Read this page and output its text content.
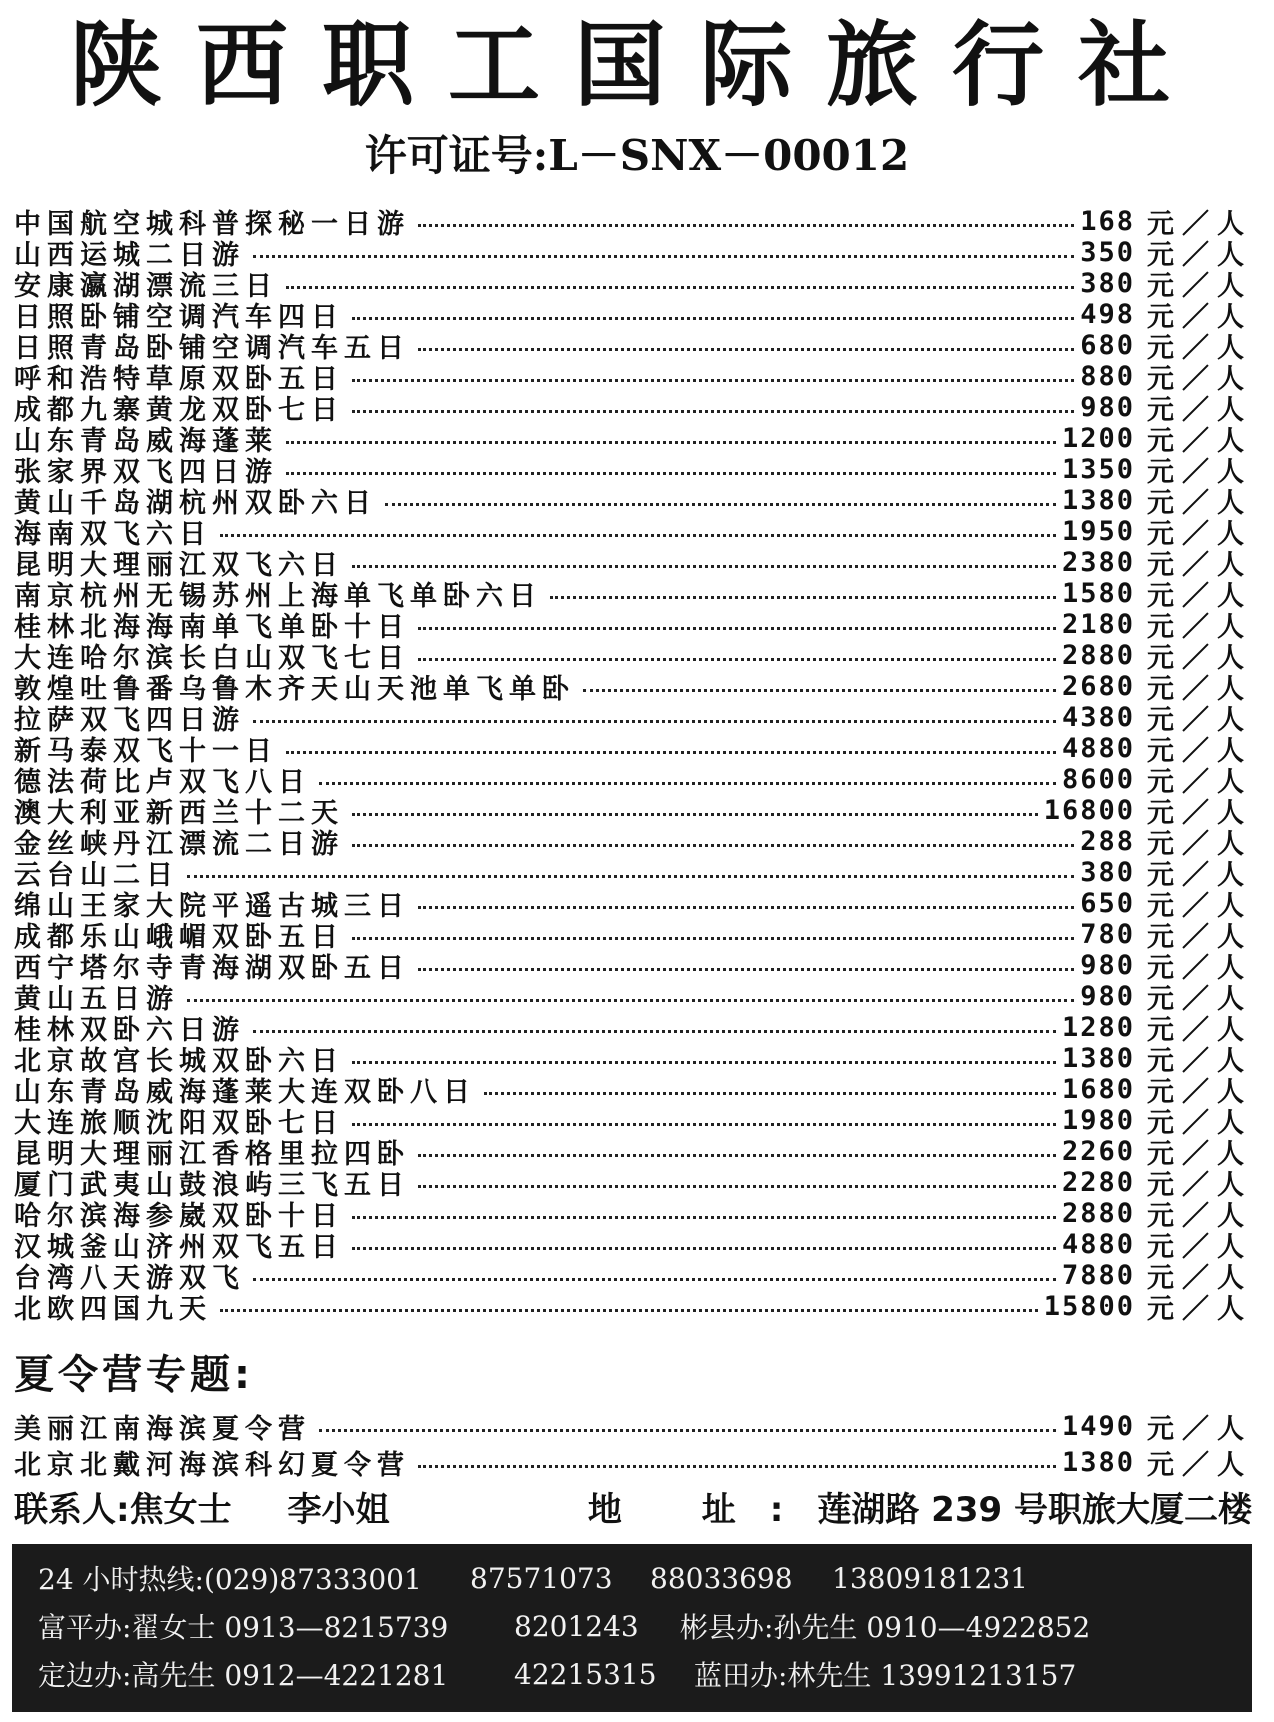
陕西职工国际旅行社
许可证号:L－SNX－00012
中国航空城科普探秘一日游	168 元／人
山西运城二日游	350 元／人
安康瀛湖漂流三日	380 元／人
日照卧铺空调汽车四日	498 元／人
日照青岛卧铺空调汽车五日	680 元／人
呼和浩特草原双卧五日	880 元／人
成都九寨黄龙双卧七日	980 元／人
山东青岛威海蓬莱	1200 元／人
张家界双飞四日游	1350 元／人
黄山千岛湖杭州双卧六日	1380 元／人
海南双飞六日	1950 元／人
昆明大理丽江双飞六日	2380 元／人
南京杭州无锡苏州上海单飞单卧六日	1580 元／人
桂林北海海南单飞单卧十日	2180 元／人
大连哈尔滨长白山双飞七日	2880 元／人
敦煌吐鲁番乌鲁木齐天山天池单飞单卧	2680 元／人
拉萨双飞四日游	4380 元／人
新马泰双飞十一日	4880 元／人
德法荷比卢双飞八日	8600 元／人
澳大利亚新西兰十二天	16800 元／人
金丝峡丹江漂流二日游	288 元／人
云台山二日	380 元／人
绵山王家大院平遥古城三日	650 元／人
成都乐山峨嵋双卧五日	780 元／人
西宁塔尔寺青海湖双卧五日	980 元／人
黄山五日游	980 元／人
桂林双卧六日游	1280 元／人
北京故宫长城双卧六日	1380 元／人
山东青岛威海蓬莱大连双卧八日	1680 元／人
大连旅顺沈阳双卧七日	1980 元／人
昆明大理丽江香格里拉四卧	2260 元／人
厦门武夷山鼓浪屿三飞五日	2280 元／人
哈尔滨海参崴双卧十日	2880 元／人
汉城釜山济州双飞五日	4880 元／人
台湾八天游双飞	7880 元／人
北欧四国九天	15800 元／人
夏令营专题:
美丽江南海滨夏令营	1490 元／人
北京北戴河海滨科幻夏令营	1380 元／人
联系人:焦女士 李小姐	地 址:莲湖路 239 号职旅大厦二楼
24 小时热线:(029)87333001 87571073 88033698 13809181231
富平办:翟女士 0913—8215739 8201243 彬县办:孙先生 0910—4922852
定边办:高先生 0912—4221281 42215315 蓝田办:林先生 13991213157
